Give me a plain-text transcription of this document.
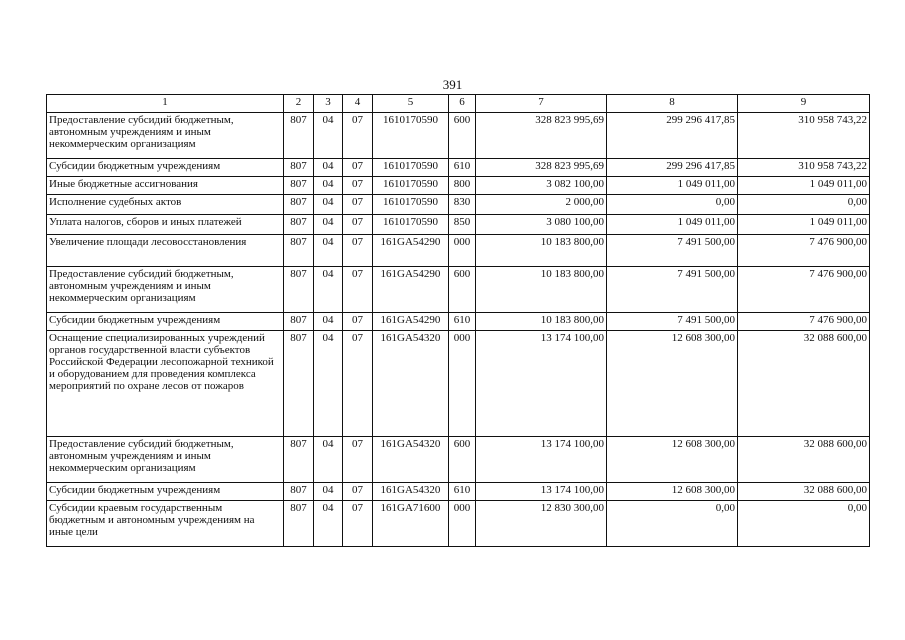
391
1	2	3	4	5	6	7	8	9
Предоставление субсидий бюджетным, автономным учреждениям и иным некоммерческим организациям	807	04	07	1610170590	600	328 823 995,69	299 296 417,85	310 958 743,22
Субсидии бюджетным учреждениям	807	04	07	1610170590	610	328 823 995,69	299 296 417,85	310 958 743,22
Иные бюджетные ассигнования	807	04	07	1610170590	800	3 082 100,00	1 049 011,00	1 049 011,00
Исполнение судебных актов	807	04	07	1610170590	830	2 000,00	0,00	0,00
Уплата налогов, сборов и иных платежей	807	04	07	1610170590	850	3 080 100,00	1 049 011,00	1 049 011,00
Увеличение площади лесовосстановления	807	04	07	161GA54290	000	10 183 800,00	7 491 500,00	7 476 900,00
Предоставление субсидий бюджетным, автономным учреждениям и иным некоммерческим организациям	807	04	07	161GA54290	600	10 183 800,00	7 491 500,00	7 476 900,00
Субсидии бюджетным учреждениям	807	04	07	161GA54290	610	10 183 800,00	7 491 500,00	7 476 900,00
Оснащение специализированных учреждений органов государственной власти субъектов Российской Федерации лесопожарной техникой и оборудованием для проведения комплекса мероприятий по охране лесов от пожаров	807	04	07	161GA54320	000	13 174 100,00	12 608 300,00	32 088 600,00
Предоставление субсидий бюджетным, автономным учреждениям и иным некоммерческим организациям	807	04	07	161GA54320	600	13 174 100,00	12 608 300,00	32 088 600,00
Субсидии бюджетным учреждениям	807	04	07	161GA54320	610	13 174 100,00	12 608 300,00	32 088 600,00
Субсидии краевым государственным бюджетным и автономным учреждениям на иные цели	807	04	07	161GA71600	000	12 830 300,00	0,00	0,00
